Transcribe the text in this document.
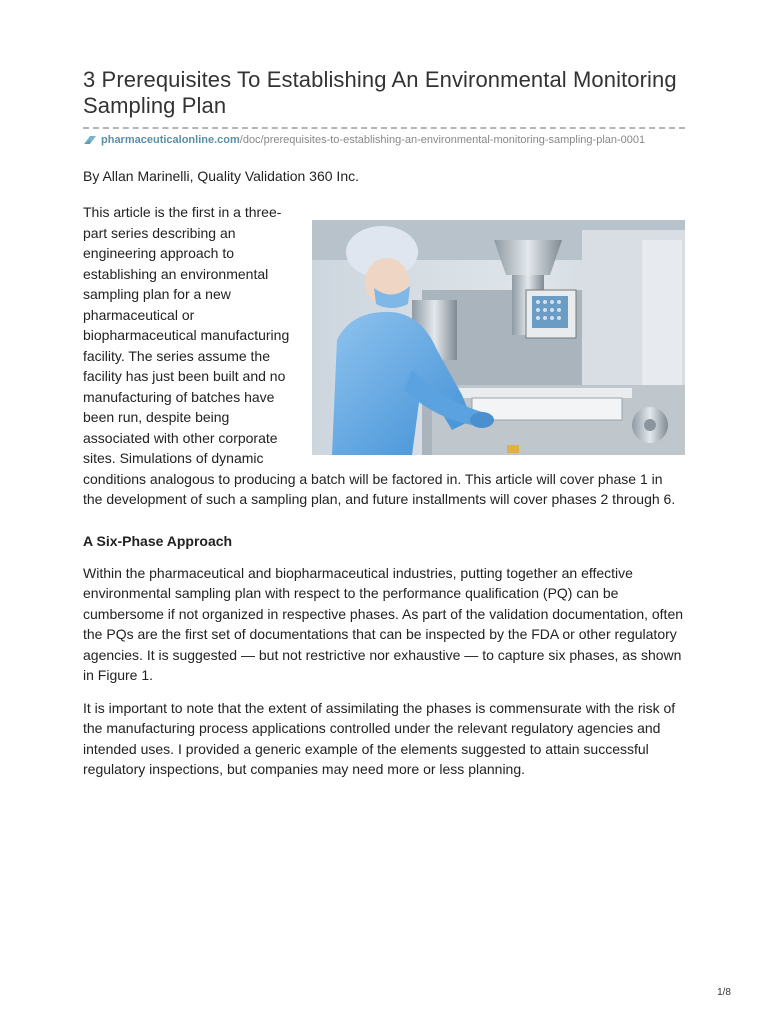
3 Prerequisites To Establishing An Environmental Monitoring Sampling Plan
pharmaceuticalonline.com /doc/prerequisites-to-establishing-an-environmental-monitoring-sampling-plan-0001
By Allan Marinelli, Quality Validation 360 Inc.

This article is the first in a three-part series describing an engineering approach to establishing an environmental sampling plan for a new pharmaceutical or biopharmaceutical manufacturing facility. The series assume the facility has just been built and no manufacturing of batches have been run, despite being associated with other corporate sites. Simulations of dynamic conditions analogous to producing a batch will be factored in. This article will cover phase 1 in the development of such a sampling plan, and future installments will cover phases 2 through 6.

A Six-Phase Approach

Within the pharmaceutical and biopharmaceutical industries, putting together an effective environmental sampling plan with respect to the performance qualification (PQ) can be cumbersome if not organized in respective phases. As part of the validation documentation, often the PQs are the first set of documentations that can be inspected by the FDA or other regulatory agencies. It is suggested — but not restrictive nor exhaustive — to capture six phases, as shown in Figure 1.

It is important to note that the extent of assimilating the phases is commensurate with the risk of the manufacturing process applications controlled under the relevant regulatory agencies and intended uses. I provided a generic example of the elements suggested to attain successful regulatory inspections, but companies may need more or less planning.

1/8
